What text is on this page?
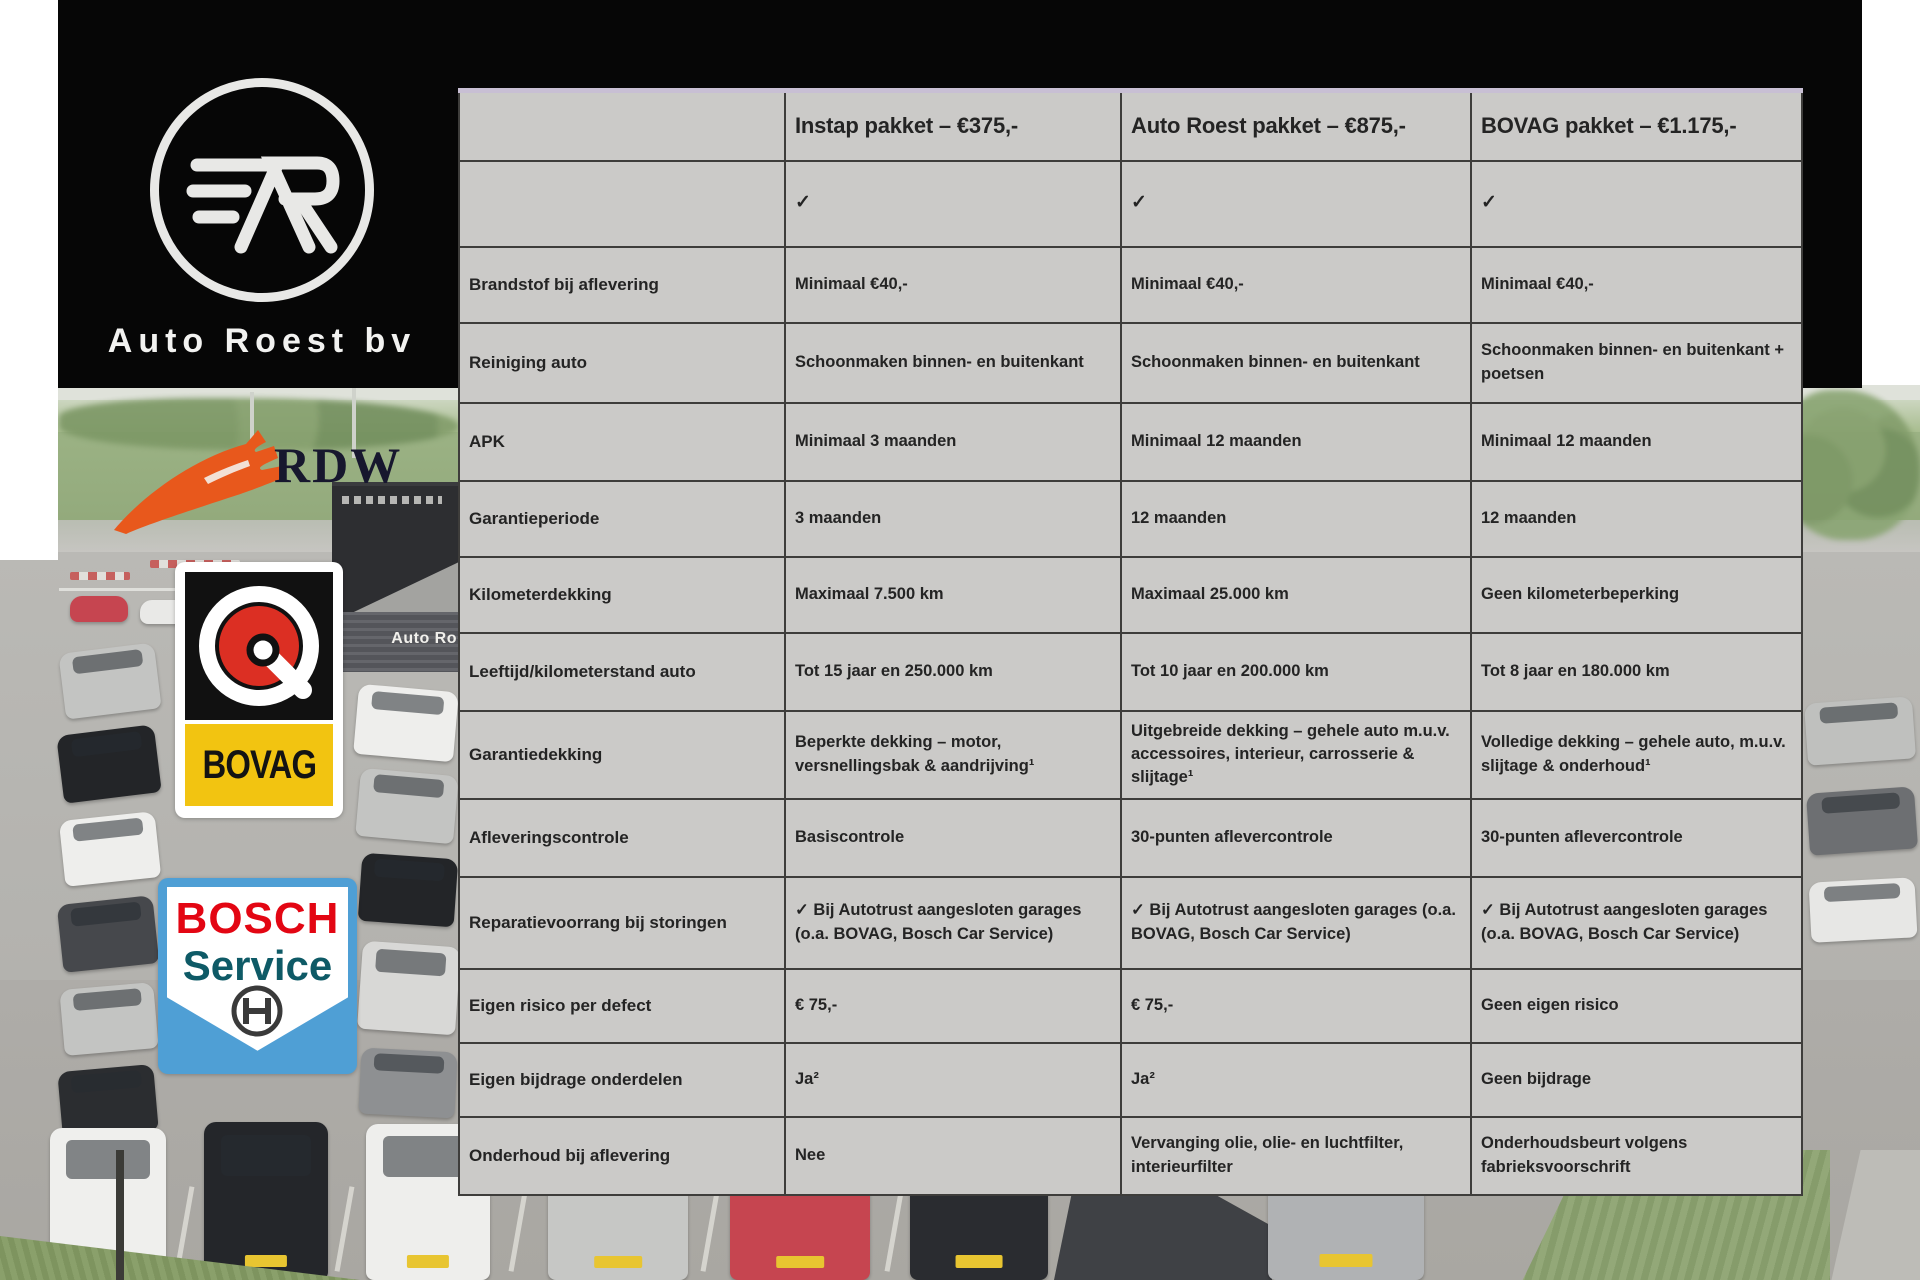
Auto Ro
Auto Roest bv
RDW
BOVAG
BOSCH
Service
	Instap pakket – €375,-	Auto Roest pakket – €875,-	BOVAG pakket – €1.175,-
	✓	✓	✓
Brandstof bij aflevering	Minimaal €40,-	Minimaal €40,-	Minimaal €40,-
Reiniging auto	Schoonmaken binnen- en buitenkant	Schoonmaken binnen- en buitenkant	Schoonmaken binnen- en buitenkant + poetsen
APK	Minimaal 3 maanden	Minimaal 12 maanden	Minimaal 12 maanden
Garantieperiode	3 maanden	12 maanden	12 maanden
Kilometerdekking	Maximaal 7.500 km	Maximaal 25.000 km	Geen kilometerbeperking
Leeftijd/kilometerstand auto	Tot 15 jaar en 250.000 km	Tot 10 jaar en 200.000 km	Tot 8 jaar en 180.000 km
Garantiedekking	Beperkte dekking – motor, versnellingsbak & aandrijving¹	Uitgebreide dekking – gehele auto m.u.v. accessoires, interieur, carrosserie & slijtage¹	Volledige dekking – gehele auto, m.u.v. slijtage & onderhoud¹
Afleveringscontrole	Basiscontrole	30-punten aflevercontrole	30-punten aflevercontrole
Reparatievoorrang bij storingen	✓ Bij Autotrust aangesloten garages (o.a. BOVAG, Bosch Car Service)	✓ Bij Autotrust aangesloten garages (o.a. BOVAG, Bosch Car Service)	✓ Bij Autotrust aangesloten garages (o.a. BOVAG, Bosch Car Service)
Eigen risico per defect	€ 75,-	€ 75,-	Geen eigen risico
Eigen bijdrage onderdelen	Ja²	Ja²	Geen bijdrage
Onderhoud bij aflevering	Nee	Vervanging olie, olie- en luchtfilter, interieurfilter	Onderhoudsbeurt volgens fabrieksvoorschrift
